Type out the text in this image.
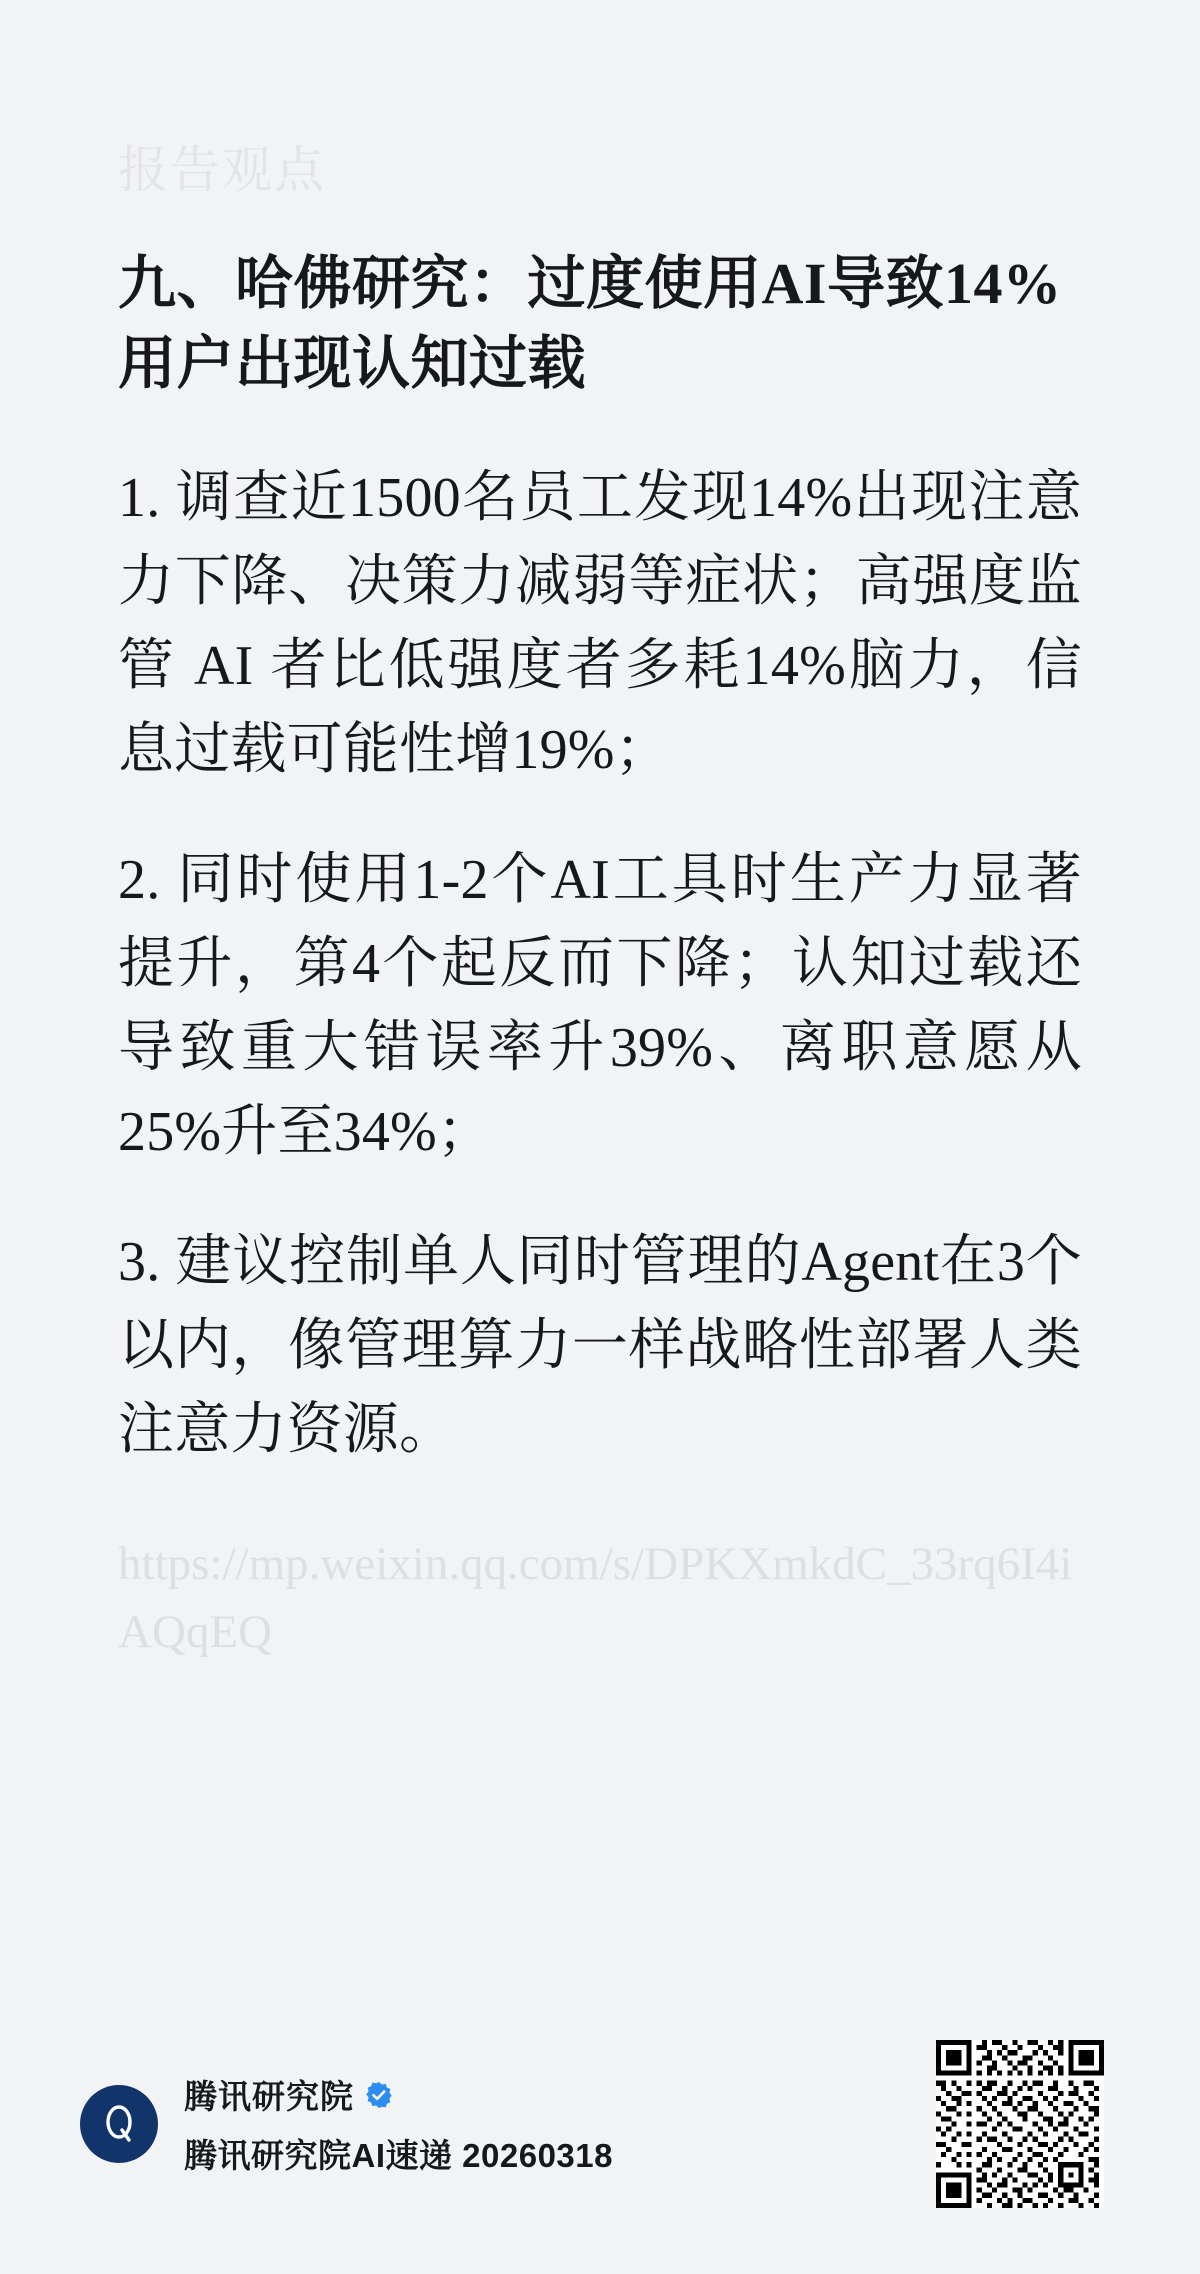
报告观点
九、哈佛研究：过度使用AI导致14%用户出现认知过载

1. 调查近1500名员工发现14%出现注意力下降、决策力减弱等症状；高强度监管 AI 者比低强度者多耗14%脑力，信息过载可能性增19%；

2. 同时使用1-2个AI工具时生产力显著提升，第4个起反而下降；认知过载还导致重大错误率升39%、离职意愿从25%升至34%；

3. 建议控制单人同时管理的Agent在3个以内，像管理算力一样战略性部署人类注意力资源。

https://mp.weixin.qq.com/s/DPKXmkdC_33rq6I4iAQqEQ
腾讯研究院
腾讯研究院AI速递 20260318
